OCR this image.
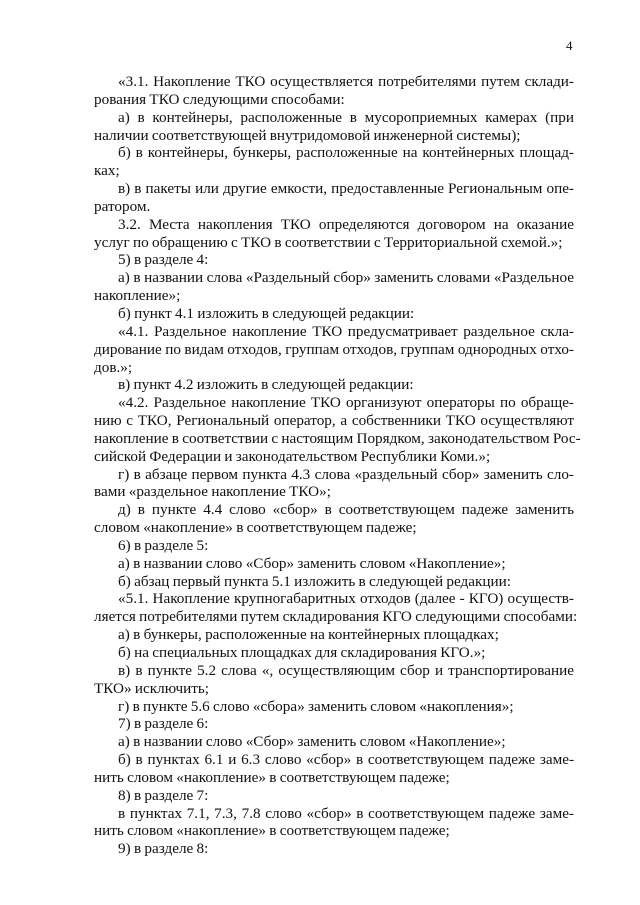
4
«3.1. Накопление ТКО осуществляется потребителями путем склади-
рования ТКО следующими способами:
а) в контейнеры, расположенные в мусороприемных камерах (при
наличии соответствующей внутридомовой инженерной системы);
б) в контейнеры, бункеры, расположенные на контейнерных площад-
ках;
в) в пакеты или другие емкости, предоставленные Региональным опе-
ратором.
3.2. Места накопления ТКО определяются договором на оказание
услуг по обращению с ТКО в соответствии с Территориальной схемой.»;
5) в разделе 4:
а) в названии слова «Раздельный сбор» заменить словами «Раздельное
накопление»;
б) пункт 4.1 изложить в следующей редакции:
«4.1. Раздельное накопление ТКО предусматривает раздельное скла-
дирование по видам отходов, группам отходов, группам однородных отхо-
дов.»;
в) пункт 4.2 изложить в следующей редакции:
«4.2. Раздельное накопление ТКО организуют операторы по обраще-
нию с ТКО, Региональный оператор, а собственники ТКО осуществляют
накопление в соответствии с настоящим Порядком, законодательством Рос-
сийской Федерации и законодательством Республики Коми.»;
г) в абзаце первом пункта 4.3 слова «раздельный сбор» заменить сло-
вами «раздельное накопление ТКО»;
д) в пункте 4.4 слово «сбор» в соответствующем падеже заменить
словом «накопление» в соответствующем падеже;
6) в разделе 5:
а) в названии слово «Сбор» заменить словом «Накопление»;
б) абзац первый пункта 5.1 изложить в следующей редакции:
«5.1. Накопление крупногабаритных отходов (далее - КГО) осуществ-
ляется потребителями путем складирования КГО следующими способами:
а) в бункеры, расположенные на контейнерных площадках;
б) на специальных площадках для складирования КГО.»;
в) в пункте 5.2 слова «, осуществляющим сбор и транспортирование
ТКО» исключить;
г) в пункте 5.6 слово «сбора» заменить словом «накопления»;
7) в разделе 6:
а) в названии слово «Сбор» заменить словом «Накопление»;
б) в пунктах 6.1 и 6.3 слово «сбор» в соответствующем падеже заме-
нить словом «накопление» в соответствующем падеже;
8) в разделе 7:
в пунктах 7.1, 7.3, 7.8 слово «сбор» в соответствующем падеже заме-
нить словом «накопление» в соответствующем падеже;
9) в разделе 8:
